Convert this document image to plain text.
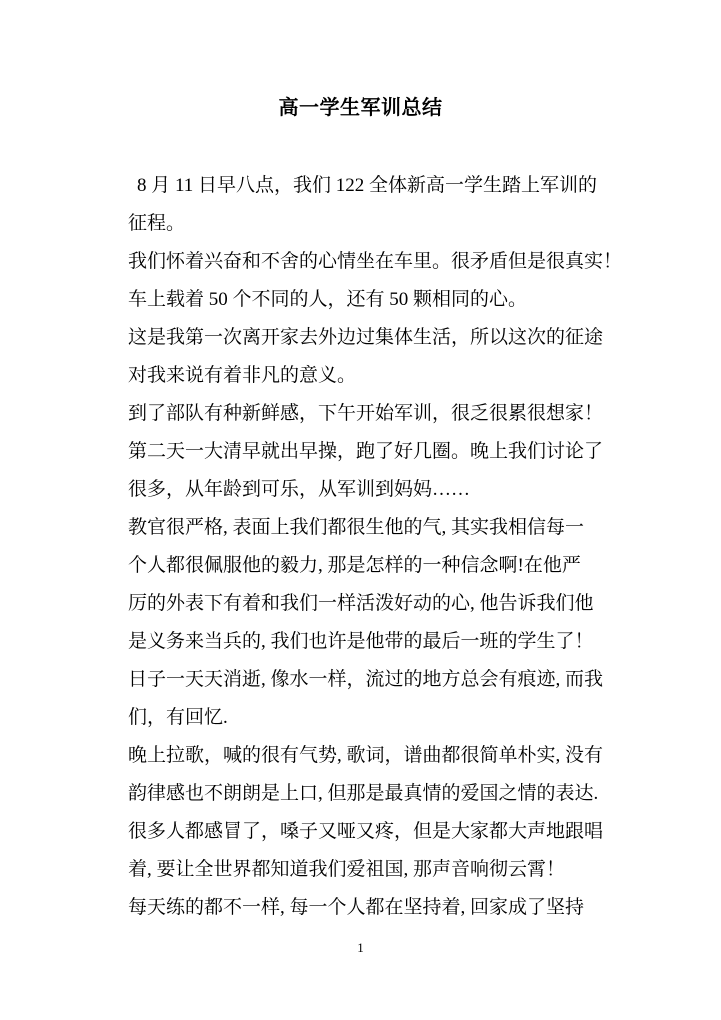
高一学生军训总结
8 月 11 日早八点，我们 122 全体新高一学生踏上军训的
征程。
我们怀着兴奋和不舍的心情坐在车里。很矛盾但是很真实！
车上载着 50 个不同的人，还有 50 颗相同的心。
这是我第一次离开家去外边过集体生活，所以这次的征途
对我来说有着非凡的意义。
到了部队有种新鲜感，下午开始军训，很乏很累很想家！
第二天一大清早就出早操，跑了好几圈。晚上我们讨论了
很多，从年龄到可乐，从军训到妈妈……
教官很严格, 表面上我们都很生他的气, 其实我相信每一
个人都很佩服他的毅力, 那是怎样的一种信念啊!在他严
厉的外表下有着和我们一样活泼好动的心, 他告诉我们他
是义务来当兵的, 我们也许是他带的最后一班的学生了！
日子一天天消逝, 像水一样，流过的地方总会有痕迹, 而我
们，有回忆.
晚上拉歌，喊的很有气势, 歌词，谱曲都很简单朴实, 没有
韵律感也不朗朗是上口, 但那是最真情的爱国之情的表达.
很多人都感冒了，嗓子又哑又疼，但是大家都大声地跟唱
着, 要让全世界都知道我们爱祖国, 那声音响彻云霄！
每天练的都不一样, 每一个人都在坚持着, 回家成了坚持
1
